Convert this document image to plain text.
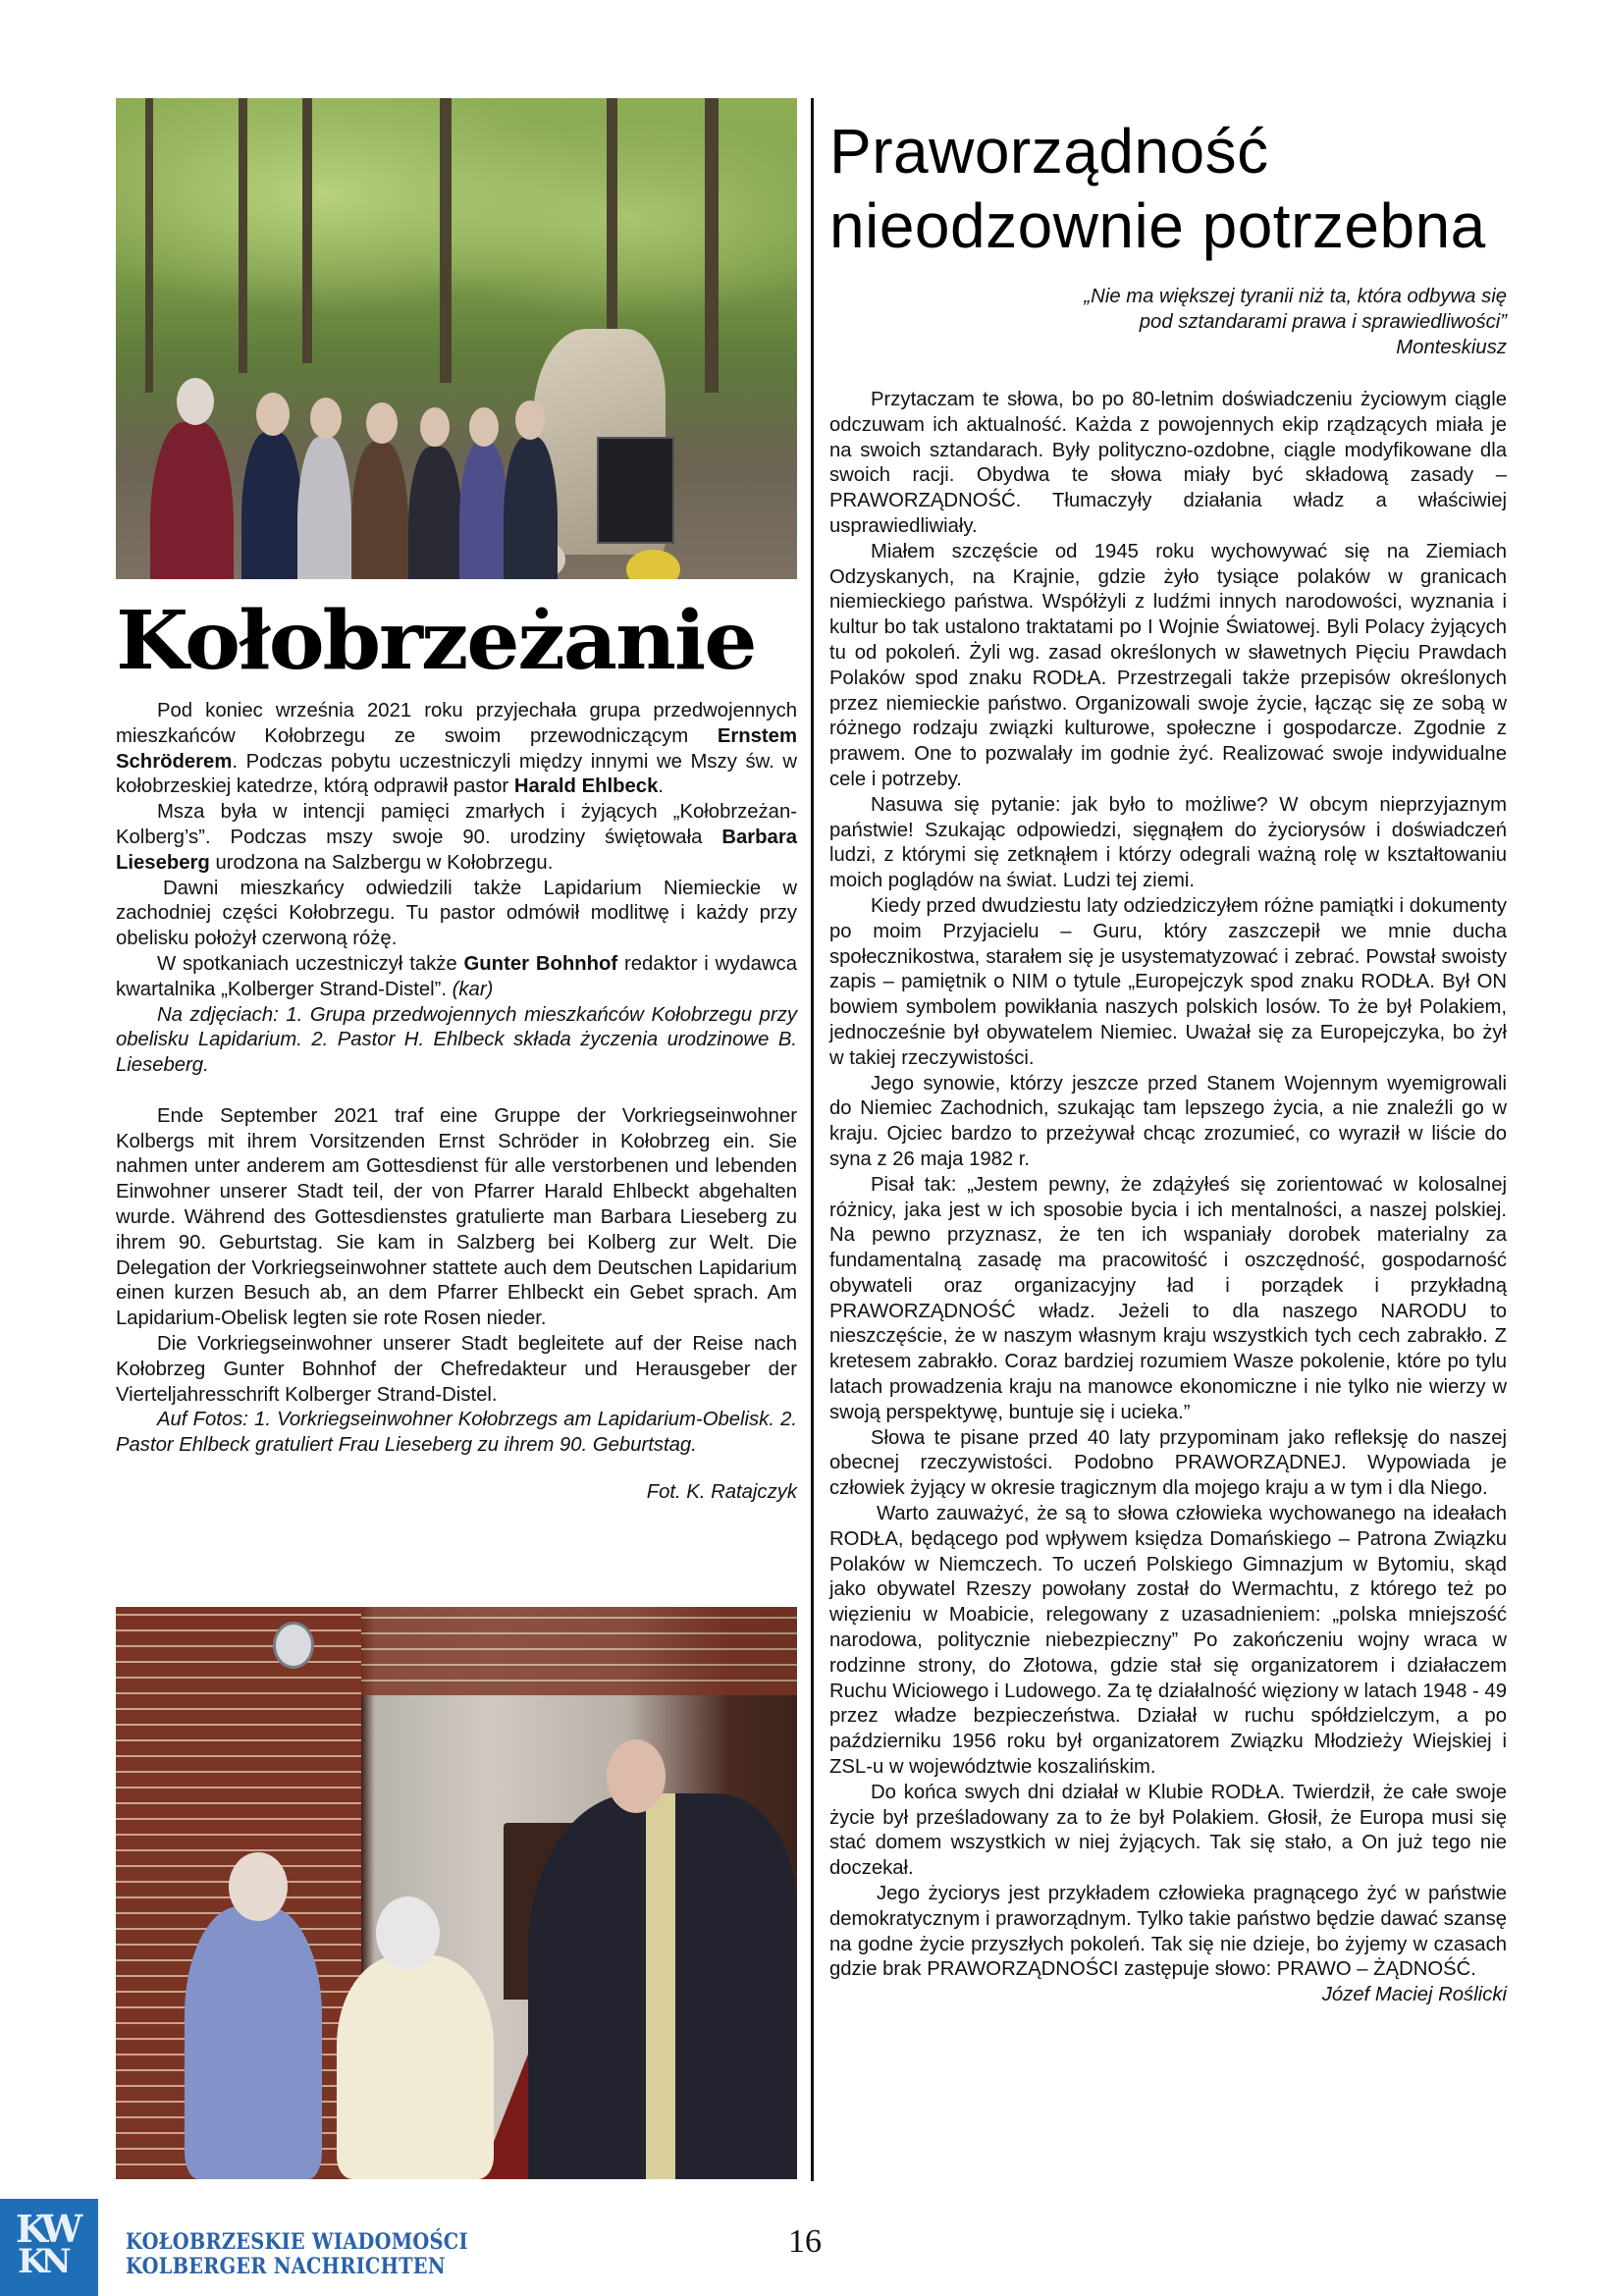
Kołobrzeżanie

Pod koniec września 2021 roku przyjechała grupa przedwojennych mieszkańców Kołobrzegu ze swoim przewodniczącym Ernstem Schröderem. Podczas pobytu uczestniczyli między innymi we Mszy św. w kołobrzeskiej katedrze, którą odprawił pastor Harald Ehlbeck.

Msza była w intencji pamięci zmarłych i żyjących „Kołobrzeżan-Kolberg’s”. Podczas mszy swoje 90. urodziny świętowała Barbara Lieseberg urodzona na Salzbergu w Kołobrzegu.

Dawni mieszkańcy odwiedzili także Lapidarium Niemieckie w zachodniej części Kołobrzegu. Tu pastor odmówił modlitwę i każdy przy obelisku położył czerwoną różę.

W spotkaniach uczestniczył także Gunter Bohnhof redaktor i wydawca kwartalnika „Kolberger Strand-Distel”. (kar)

Na zdjęciach: 1. Grupa przedwojennych mieszkańców Kołobrzegu przy obelisku Lapidarium. 2. Pastor H. Ehlbeck składa życzenia urodzinowe B. Lieseberg.

Ende September 2021 traf eine Gruppe der Vorkriegseinwohner Kolbergs mit ihrem Vorsitzenden Ernst Schröder in Kołobrzeg ein. Sie nahmen unter anderem am Gottesdienst für alle verstorbenen und lebenden Einwohner unserer Stadt teil, der von Pfarrer Harald Ehlbeckt abgehalten wurde. Während des Gottesdienstes gratulierte man Barbara Lieseberg zu ihrem 90. Geburtstag. Sie kam in Salzberg bei Kolberg zur Welt. Die Delegation der Vorkriegseinwohner stattete auch dem Deutschen Lapidarium einen kurzen Besuch ab, an dem Pfarrer Ehlbeckt ein Gebet sprach. Am Lapidarium-Obelisk legten sie rote Rosen nieder.

Die Vorkriegseinwohner unserer Stadt begleitete auf der Reise nach Kołobrzeg Gunter Bohnhof der Chefredakteur und Herausgeber der Vierteljahresschrift Kolberger Strand-Distel.

Auf Fotos: 1. Vorkriegseinwohner Kołobrzegs am Lapidarium-Obelisk. 2. Pastor Ehlbeck gratuliert Frau Lieseberg zu ihrem 90. Geburtstag.

Fot. K. Ratajczyk

Praworządność
nieodzownie potrzebna
„Nie ma większej tyranii niż ta, która odbywa się
pod sztandarami prawa i sprawiedliwości”
Monteskiusz

Przytaczam te słowa, bo po 80-letnim doświadczeniu życiowym ciągle odczuwam ich aktualność. Każda z powojennych ekip rządzących miała je na swoich sztandarach. Były polityczno-ozdobne, ciągle modyfikowane dla swoich racji. Obydwa te słowa miały być składową zasady – PRAWORZĄDNOŚĆ. Tłumaczyły działania władz a właściwiej usprawiedliwiały.

Miałem szczęście od 1945 roku wychowywać się na Ziemiach Odzyskanych, na Krajnie, gdzie żyło tysiące polaków w granicach niemieckiego państwa. Współżyli z ludźmi innych narodowości, wyznania i kultur bo tak ustalono traktatami po I Wojnie Światowej. Byli Polacy żyjących tu od pokoleń. Żyli wg. zasad określonych w sławetnych Pięciu Prawdach Polaków spod znaku RODŁA. Przestrzegali także przepisów określonych przez niemieckie państwo. Organizowali swoje życie, łącząc się ze sobą w różnego rodzaju związki kulturowe, społeczne i gospodarcze. Zgodnie z prawem. One to pozwalały im godnie żyć. Realizować swoje indywidualne cele i potrzeby.

Nasuwa się pytanie: jak było to możliwe? W obcym nieprzyjaznym państwie! Szukając odpowiedzi, sięgnąłem do życiorysów i doświadczeń ludzi, z którymi się zetknąłem i którzy odegrali ważną rolę w kształtowaniu moich poglądów na świat. Ludzi tej ziemi.

Kiedy przed dwudziestu laty odziedziczyłem różne pamiątki i dokumenty po moim Przyjacielu – Guru, który zaszczepił we mnie ducha społecznikostwa, starałem się je usystematyzować i zebrać. Powstał swoisty zapis – pamiętnik o NIM o tytule „Europejczyk spod znaku RODŁA. Był ON bowiem symbolem powikłania naszych polskich losów. To że był Polakiem, jednocześnie był obywatelem Niemiec. Uważał się za Europejczyka, bo żył w takiej rzeczywistości.

Jego synowie, którzy jeszcze przed Stanem Wojennym wyemigrowali do Niemiec Zachodnich, szukając tam lepszego życia, a nie znaleźli go w kraju. Ojciec bardzo to przeżywał chcąc zrozumieć, co wyraził w liście do syna z 26 maja 1982 r.

Pisał tak: „Jestem pewny, że zdążyłeś się zorientować w kolosalnej różnicy, jaka jest w ich sposobie bycia i ich mentalności, a naszej polskiej. Na pewno przyznasz, że ten ich wspaniały dorobek materialny za fundamentalną zasadę ma pracowitość i oszczędność, gospodarność obywateli oraz organizacyjny ład i porządek i przykładną PRAWORZĄDNOŚĆ władz. Jeżeli to dla naszego NARODU to nieszczęście, że w naszym własnym kraju wszystkich tych cech zabrakło. Z kretesem zabrakło. Coraz bardziej rozumiem Wasze pokolenie, które po tylu latach prowadzenia kraju na manowce ekonomiczne i nie tylko nie wierzy w swoją perspektywę, buntuje się i ucieka.”

Słowa te pisane przed 40 laty przypominam jako refleksję do naszej obecnej rzeczywistości. Podobno PRAWORZĄDNEJ. Wypowiada je człowiek żyjący w okresie tragicznym dla mojego kraju a w tym i dla Niego.

Warto zauważyć, że są to słowa człowieka wychowanego na ideałach RODŁA, będącego pod wpływem księdza Domańskiego – Patrona Związku Polaków w Niemczech. To uczeń Polskiego Gimnazjum w Bytomiu, skąd jako obywatel Rzeszy powołany został do Wermachtu, z którego też po więzieniu w Moabicie, relegowany z uzasadnieniem: „polska mniejszość narodowa, politycznie niebezpieczny” Po zakończeniu wojny wraca w rodzinne strony, do Złotowa, gdzie stał się organizatorem i działaczem Ruchu Wiciowego i Ludowego. Za tę działalność więziony w latach 1948 - 49 przez władze bezpieczeństwa. Działał w ruchu spółdzielczym, a po październiku 1956 roku był organizatorem Związku Młodzieży Wiejskiej i ZSL-u w województwie koszalińskim.

Do końca swych dni działał w Klubie RODŁA. Twierdził, że całe swoje życie był prześladowany za to że był Polakiem. Głosił, że Europa musi się stać domem wszystkich w niej żyjących. Tak się stało, a On już tego nie doczekał.

Jego życiorys jest przykładem człowieka pragnącego żyć w państwie demokratycznym i praworządnym. Tylko takie państwo będzie dawać szansę na godne życie przyszłych pokoleń. Tak się nie dzieje, bo żyjemy w czasach gdzie brak PRAWORZĄDNOŚCI zastępuje słowo: PRAWO – ŻĄDNOŚĆ.

Józef Maciej Roślicki

KW
KN	KOŁOBRZESKIE WIADOMOŚCI
KOLBERGER NACHRICHTEN
16
